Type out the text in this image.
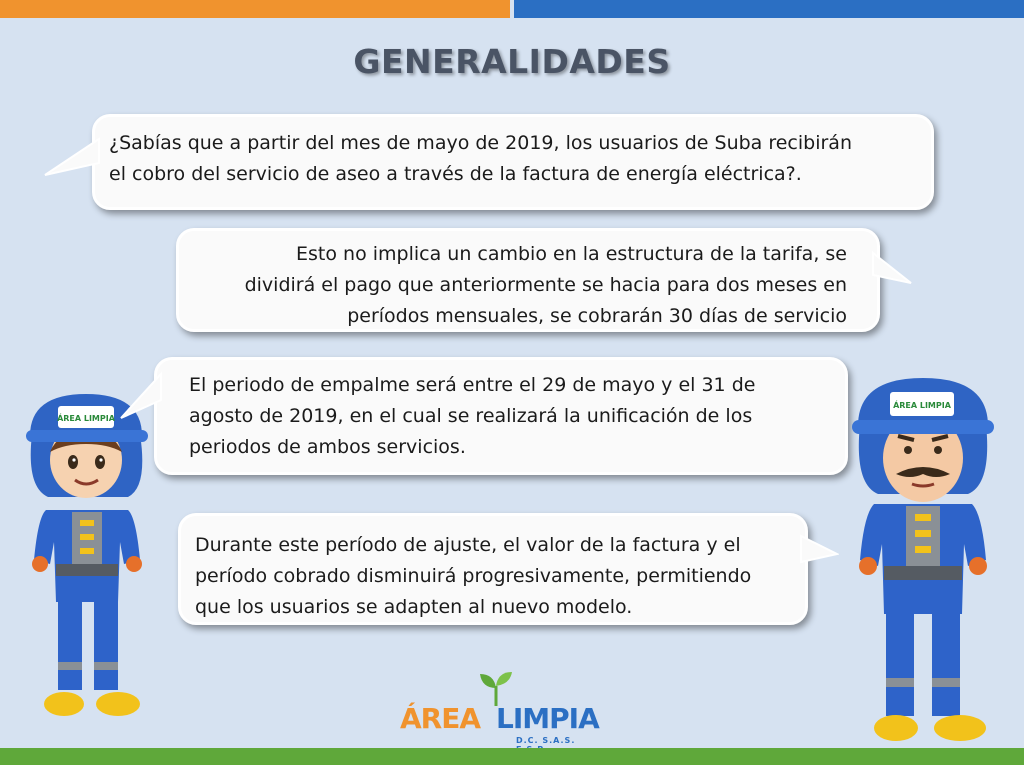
GENERALIDADES
¿Sabías que a partir del mes de mayo de 2019, los usuarios de Suba recibirán
el cobro del servicio de aseo a través de la factura de energía eléctrica?.
Esto no implica un cambio en la estructura de la tarifa, se
dividirá el pago que anteriormente se hacia para dos meses en
períodos mensuales, se cobrarán 30 días de servicio
El periodo de empalme será entre el 29 de mayo y el 31 de
agosto de 2019, en el cual se realizará la unificación de los
periodos de ambos servicios.
Durante este período de ajuste, el valor de la factura y el
período cobrado disminuirá progresivamente, permitiendo
que los usuarios se adapten al nuevo modelo.
ÁREA LIMPIA
ÁREA LIMPIA
ÁREA LIMPIA
D.C. S.A.S.
